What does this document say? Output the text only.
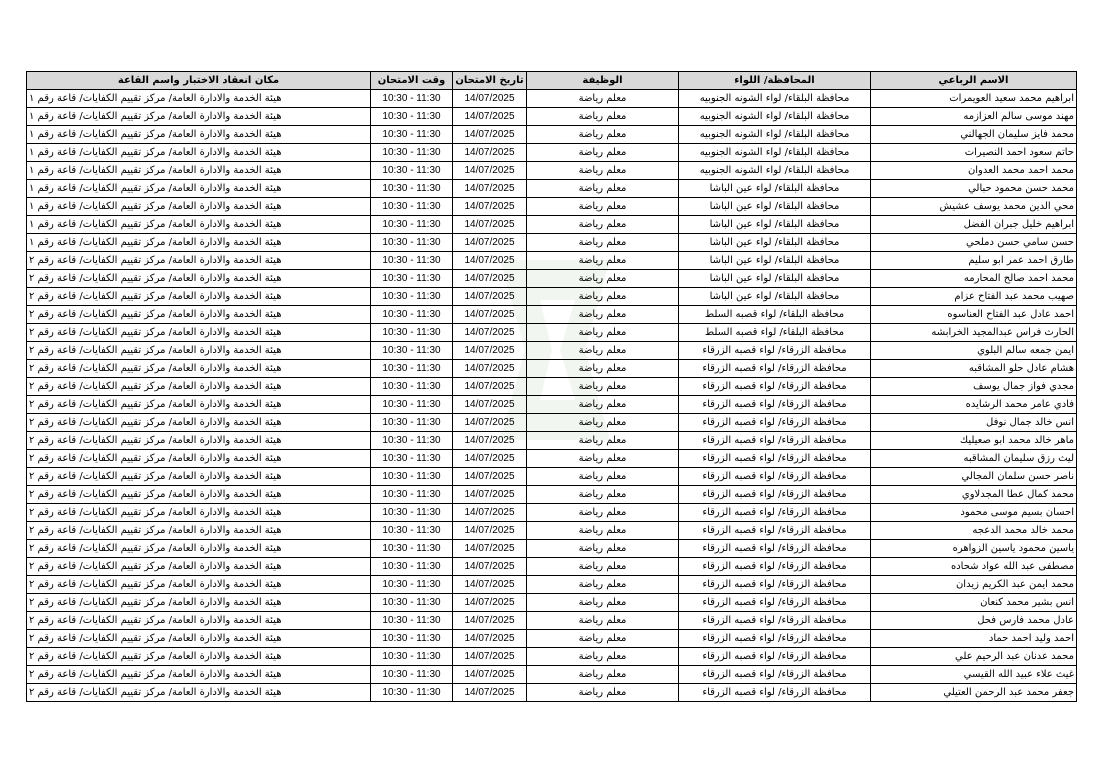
الاسم الرباعي	المحافظة/ اللواء	الوظيفة	تاريخ الامتحان	وقت الامتحان	مكان انعقاد الاختبار واسم القاعة
ابراهيم محمد سعيد العويمرات	محافظة البلقاء/ لواء الشونه الجنوبيه	معلم رياضة	14/07/2025	10:30 - 11:30	هيئة الخدمة والادارة العامة/ مركز تقييم الكفايات/ قاعة رقم ١
مهند موسى سالم العزازمه	محافظة البلقاء/ لواء الشونه الجنوبيه	معلم رياضة	14/07/2025	10:30 - 11:30	هيئة الخدمة والادارة العامة/ مركز تقييم الكفايات/ قاعة رقم ١
محمد فايز سليمان الجهالني	محافظة البلقاء/ لواء الشونه الجنوبيه	معلم رياضة	14/07/2025	10:30 - 11:30	هيئة الخدمة والادارة العامة/ مركز تقييم الكفايات/ قاعة رقم ١
حاتم سعود احمد النصيرات	محافظة البلقاء/ لواء الشونه الجنوبيه	معلم رياضة	14/07/2025	10:30 - 11:30	هيئة الخدمة والادارة العامة/ مركز تقييم الكفايات/ قاعة رقم ١
محمد احمد محمد العدوان	محافظة البلقاء/ لواء الشونه الجنوبيه	معلم رياضة	14/07/2025	10:30 - 11:30	هيئة الخدمة والادارة العامة/ مركز تقييم الكفايات/ قاعة رقم ١
محمد حسن محمود حبالي	محافظة البلقاء/ لواء عين الباشا	معلم رياضة	14/07/2025	10:30 - 11:30	هيئة الخدمة والادارة العامة/ مركز تقييم الكفايات/ قاعة رقم ١
محي الدين محمد يوسف عشيش	محافظة البلقاء/ لواء عين الباشا	معلم رياضة	14/07/2025	10:30 - 11:30	هيئة الخدمة والادارة العامة/ مركز تقييم الكفايات/ قاعة رقم ١
ابراهيم خليل جبران الفضل	محافظة البلقاء/ لواء عين الباشا	معلم رياضة	14/07/2025	10:30 - 11:30	هيئة الخدمة والادارة العامة/ مركز تقييم الكفايات/ قاعة رقم ١
حسن سامي حسن دملحي	محافظة البلقاء/ لواء عين الباشا	معلم رياضة	14/07/2025	10:30 - 11:30	هيئة الخدمة والادارة العامة/ مركز تقييم الكفايات/ قاعة رقم ١
طارق احمد عمر ابو سليم	محافظة البلقاء/ لواء عين الباشا	معلم رياضة	14/07/2025	10:30 - 11:30	هيئة الخدمة والادارة العامة/ مركز تقييم الكفايات/ قاعة رقم ٢
محمد احمد صالح المحارمه	محافظة البلقاء/ لواء عين الباشا	معلم رياضة	14/07/2025	10:30 - 11:30	هيئة الخدمة والادارة العامة/ مركز تقييم الكفايات/ قاعة رقم ٢
صهيب محمد عبد الفتاح عزام	محافظة البلقاء/ لواء عين الباشا	معلم رياضة	14/07/2025	10:30 - 11:30	هيئة الخدمة والادارة العامة/ مركز تقييم الكفايات/ قاعة رقم ٢
احمد عادل عبد الفتاح العناسوه	محافظة البلقاء/ لواء قصبه السلط	معلم رياضة	14/07/2025	10:30 - 11:30	هيئة الخدمة والادارة العامة/ مركز تقييم الكفايات/ قاعة رقم ٢
الحارث فراس عبدالمجيد الخرابشه	محافظة البلقاء/ لواء قصبه السلط	معلم رياضة	14/07/2025	10:30 - 11:30	هيئة الخدمة والادارة العامة/ مركز تقييم الكفايات/ قاعة رقم ٢
ايمن جمعه سالم البلوي	محافظة الزرقاء/ لواء قصبه الزرقاء	معلم رياضة	14/07/2025	10:30 - 11:30	هيئة الخدمة والادارة العامة/ مركز تقييم الكفايات/ قاعة رقم ٢
هشام عادل حلو المشاقبه	محافظة الزرقاء/ لواء قصبه الزرقاء	معلم رياضة	14/07/2025	10:30 - 11:30	هيئة الخدمة والادارة العامة/ مركز تقييم الكفايات/ قاعة رقم ٢
مجدي فواز جمال يوسف	محافظة الزرقاء/ لواء قصبه الزرقاء	معلم رياضة	14/07/2025	10:30 - 11:30	هيئة الخدمة والادارة العامة/ مركز تقييم الكفايات/ قاعة رقم ٢
فادي عامر محمد الرشايده	محافظة الزرقاء/ لواء قصبه الزرقاء	معلم رياضة	14/07/2025	10:30 - 11:30	هيئة الخدمة والادارة العامة/ مركز تقييم الكفايات/ قاعة رقم ٢
انس خالد جمال نوفل	محافظة الزرقاء/ لواء قصبه الزرقاء	معلم رياضة	14/07/2025	10:30 - 11:30	هيئة الخدمة والادارة العامة/ مركز تقييم الكفايات/ قاعة رقم ٢
ماهر خالد محمد ابو صعيليك	محافظة الزرقاء/ لواء قصبه الزرقاء	معلم رياضة	14/07/2025	10:30 - 11:30	هيئة الخدمة والادارة العامة/ مركز تقييم الكفايات/ قاعة رقم ٢
ليث رزق سليمان المشاقبه	محافظة الزرقاء/ لواء قصبه الزرقاء	معلم رياضة	14/07/2025	10:30 - 11:30	هيئة الخدمة والادارة العامة/ مركز تقييم الكفايات/ قاعة رقم ٢
ناصر حسن سلمان المجالي	محافظة الزرقاء/ لواء قصبه الزرقاء	معلم رياضة	14/07/2025	10:30 - 11:30	هيئة الخدمة والادارة العامة/ مركز تقييم الكفايات/ قاعة رقم ٢
محمد كمال عطا المجدلاوي	محافظة الزرقاء/ لواء قصبه الزرقاء	معلم رياضة	14/07/2025	10:30 - 11:30	هيئة الخدمة والادارة العامة/ مركز تقييم الكفايات/ قاعة رقم ٢
احسان بسيم موسى محمود	محافظة الزرقاء/ لواء قصبه الزرقاء	معلم رياضة	14/07/2025	10:30 - 11:30	هيئة الخدمة والادارة العامة/ مركز تقييم الكفايات/ قاعة رقم ٢
محمد خالد محمد الدعجه	محافظة الزرقاء/ لواء قصبه الزرقاء	معلم رياضة	14/07/2025	10:30 - 11:30	هيئة الخدمة والادارة العامة/ مركز تقييم الكفايات/ قاعة رقم ٢
ياسين محمود ياسين الزواهره	محافظة الزرقاء/ لواء قصبه الزرقاء	معلم رياضة	14/07/2025	10:30 - 11:30	هيئة الخدمة والادارة العامة/ مركز تقييم الكفايات/ قاعة رقم ٢
مصطفى عبد الله عواد شحاده	محافظة الزرقاء/ لواء قصبه الزرقاء	معلم رياضة	14/07/2025	10:30 - 11:30	هيئة الخدمة والادارة العامة/ مركز تقييم الكفايات/ قاعة رقم ٢
محمد ايمن عبد الكريم زيدان	محافظة الزرقاء/ لواء قصبه الزرقاء	معلم رياضة	14/07/2025	10:30 - 11:30	هيئة الخدمة والادارة العامة/ مركز تقييم الكفايات/ قاعة رقم ٢
انس بشير محمد كنعان	محافظة الزرقاء/ لواء قصبه الزرقاء	معلم رياضة	14/07/2025	10:30 - 11:30	هيئة الخدمة والادارة العامة/ مركز تقييم الكفايات/ قاعة رقم ٢
عادل محمد فارس فحل	محافظة الزرقاء/ لواء قصبه الزرقاء	معلم رياضة	14/07/2025	10:30 - 11:30	هيئة الخدمة والادارة العامة/ مركز تقييم الكفايات/ قاعة رقم ٢
احمد وليد احمد حماد	محافظة الزرقاء/ لواء قصبه الزرقاء	معلم رياضة	14/07/2025	10:30 - 11:30	هيئة الخدمة والادارة العامة/ مركز تقييم الكفايات/ قاعة رقم ٢
محمد عدنان عبد الرحيم علي	محافظة الزرقاء/ لواء قصبه الزرقاء	معلم رياضة	14/07/2025	10:30 - 11:30	هيئة الخدمة والادارة العامة/ مركز تقييم الكفايات/ قاعة رقم ٢
غيث علاء عبيد الله القيسي	محافظة الزرقاء/ لواء قصبه الزرقاء	معلم رياضة	14/07/2025	10:30 - 11:30	هيئة الخدمة والادارة العامة/ مركز تقييم الكفايات/ قاعة رقم ٢
جعفر محمد عبد الرحمن العتيلي	محافظة الزرقاء/ لواء قصبه الزرقاء	معلم رياضة	14/07/2025	10:30 - 11:30	هيئة الخدمة والادارة العامة/ مركز تقييم الكفايات/ قاعة رقم ٢
